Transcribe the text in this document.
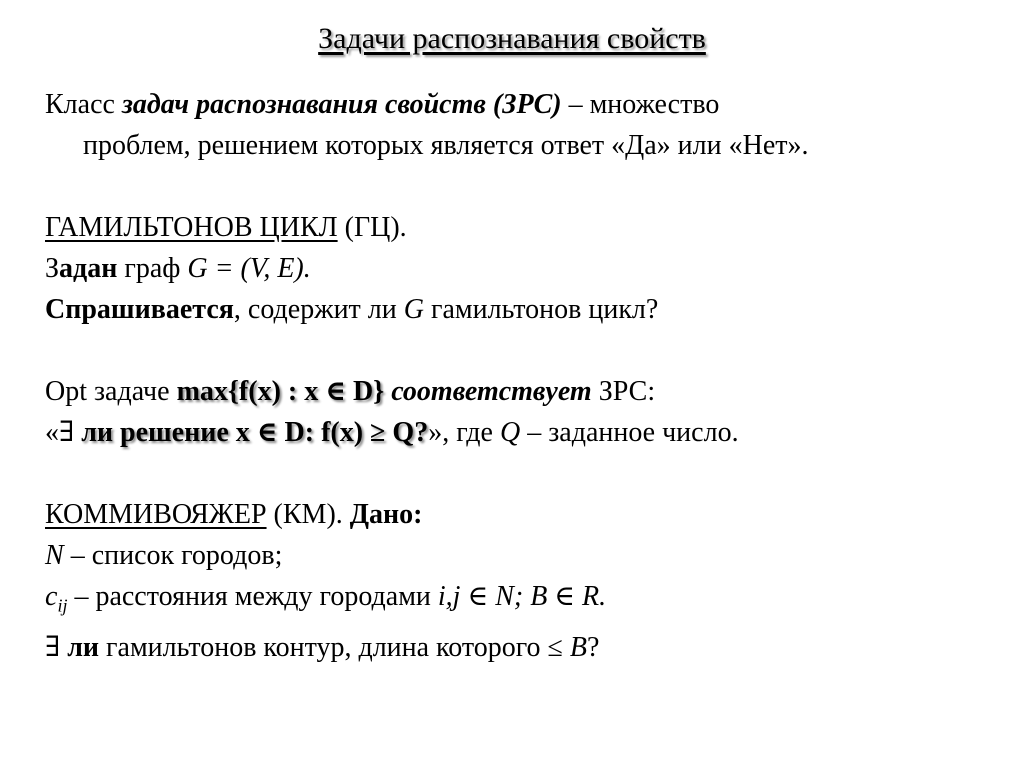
Задачи распознавания свойств
Класс задач распознавания свойств (ЗРС) – множество
проблем, решением которых является ответ «Да» или «Нет».
ГАМИЛЬТОНОВ ЦИКЛ (ГЦ).
Задан граф G = (V, E).
Спрашивается, содержит ли G гамильтонов цикл?
Opt задаче max{f(x) : x ∈ D} соответствует ЗРС:
«∃ ли решение x ∈ D: f(x) ≥ Q?», где Q – заданное число.
КОММИВОЯЖЕР (КМ). Дано:
N – список городов;
$c_{ij}$ – расстояния между городами i,j ∈ N; B ∈ R.
∃ ли гамильтонов контур, длина которого ≤ B?
